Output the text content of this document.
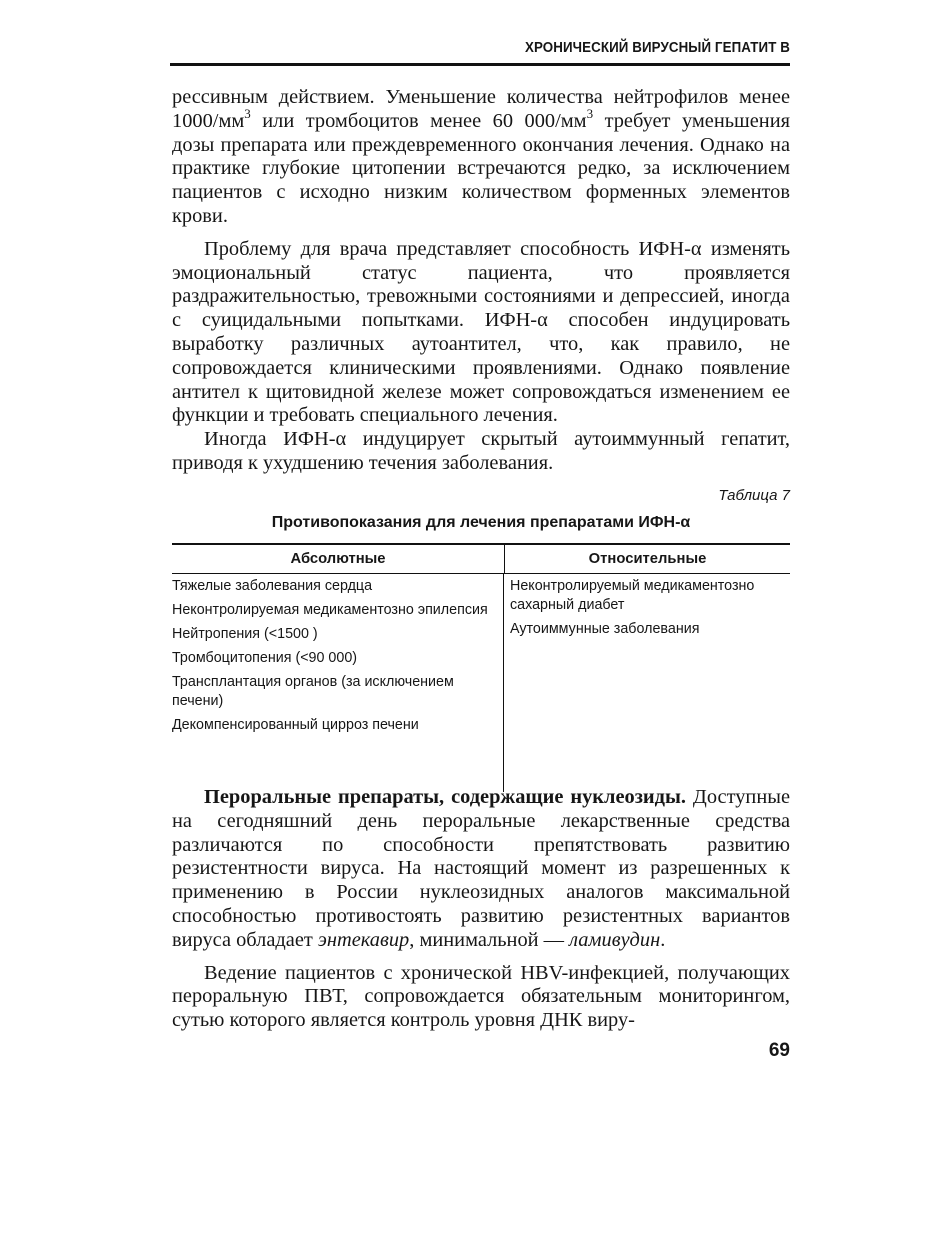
ХРОНИЧЕСКИЙ ВИРУСНЫЙ ГЕПАТИТ В

рессивным действием. Уменьшение количества нейтрофилов менее $1000/мм^3$ или тромбоцитов менее 60 $000/мм^3$ требует уменьшения дозы препарата или преждевременного окончания лечения. Однако на практике глубокие цитопении встречаются редко, за исключением пациентов с исходно низким количеством форменных элементов крови.

Проблему для врача представляет способность ИФН-α изменять эмоциональный статус пациента, что проявляется раздражительностью, тревожными состояниями и депрессией, иногда с суицидальными попытками. ИФН-α способен индуцировать выработку различных аутоантител, что, как правило, не сопровождается клиническими проявлениями. Однако появление антител к щитовидной железе может сопровождаться изменением ее функции и требовать специального лечения.

Иногда ИФН-α индуцирует скрытый аутоиммунный гепатит, приводя к ухудшению течения заболевания.

Таблица 7
Противопоказания для лечения препаратами ИФН-α
Абсолютные	Относительные
Тяжелые заболевания сердца
Неконтролируемая медикаментозно эпилепсия
Нейтропения (<1500 )
Тромбоцитопения (<90 000)
Трансплантация органов (за исключением печени)
Декомпенсированный цирроз печени
Неконтролируемый медикаментозно сахарный диабет
Аутоиммунные заболевания

Пероральные препараты, содержащие нуклеозиды. Доступные на сегодняшний день пероральные лекарственные средства различаются по способности препятствовать развитию резистентности вируса. На настоящий момент из разрешенных к применению в России нуклеозидных аналогов максимальной способностью противостоять развитию резистентных вариантов вируса обладает энтекавир, минимальной — ламивудин.

Ведение пациентов с хронической HBV-инфекцией, получающих пероральную ПВТ, сопровождается обязательным мониторингом, сутью которого является контроль уровня ДНК виру-

69
